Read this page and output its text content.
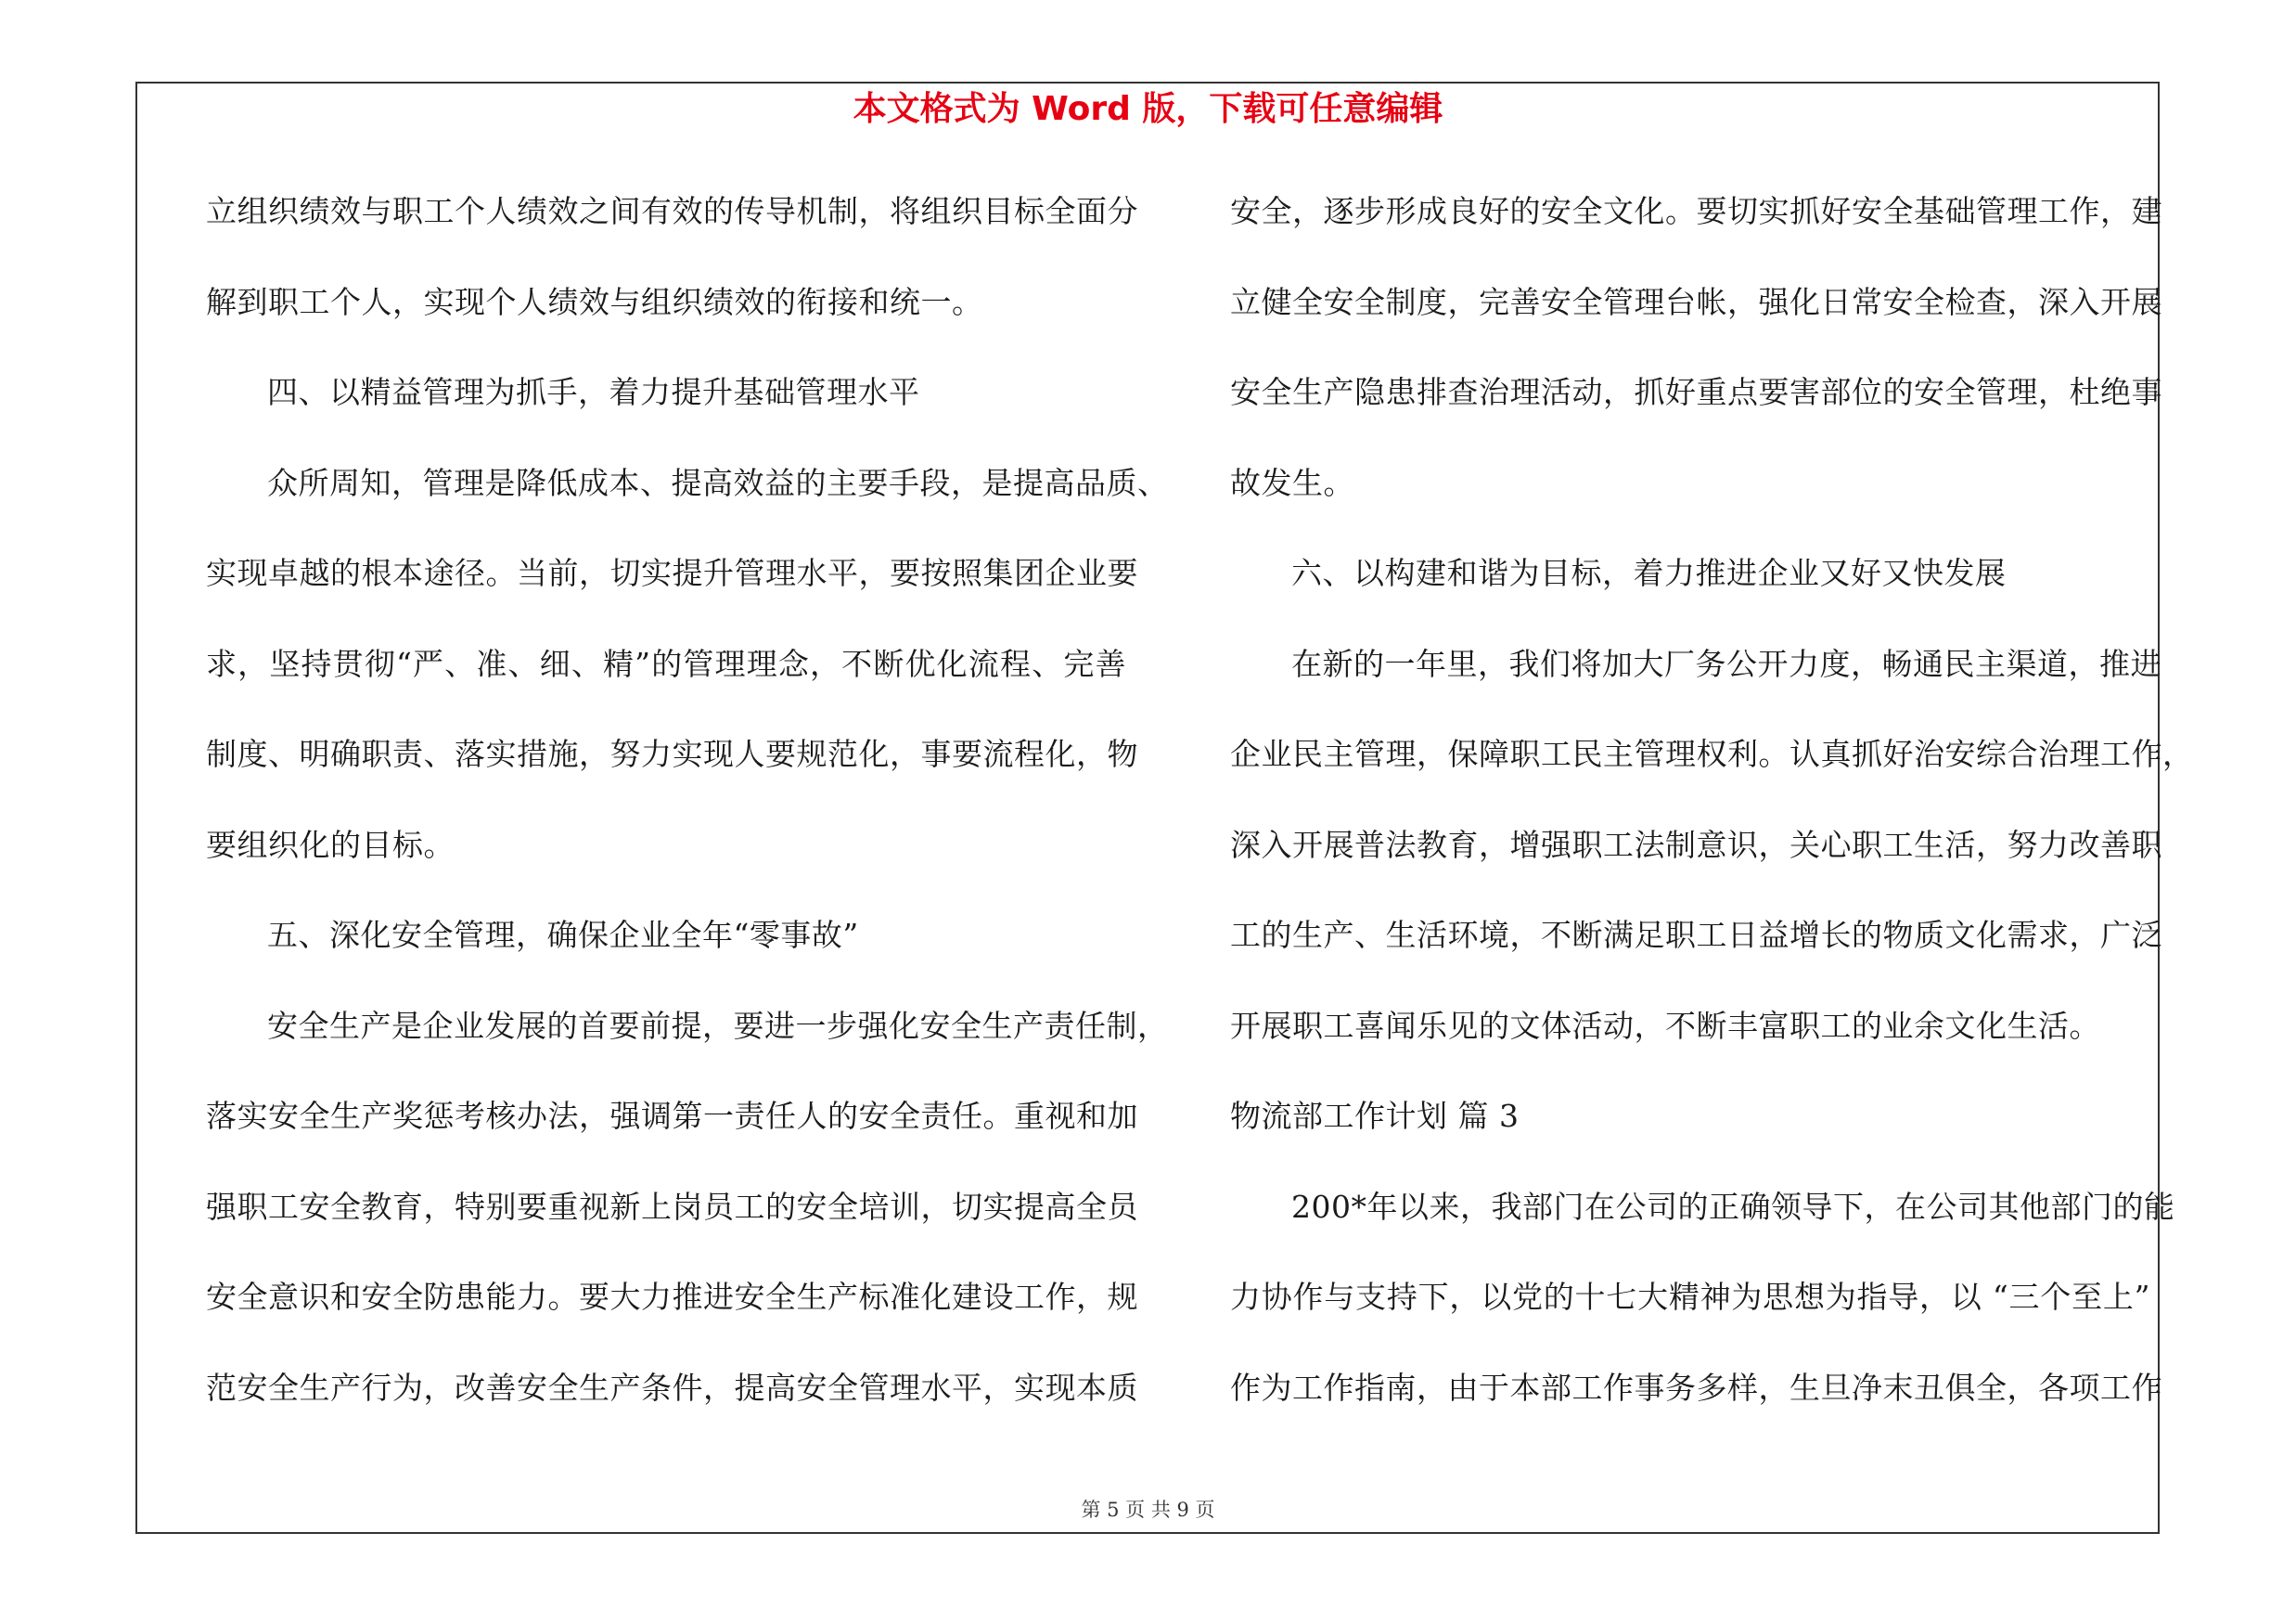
本文格式为 Word 版，下载可任意编辑
立组织绩效与职工个人绩效之间有效的传导机制，将组织目标全面分
解到职工个人，实现个人绩效与组织绩效的衔接和统一。
四、以精益管理为抓手，着力提升基础管理水平
众所周知，管理是降低成本、提高效益的主要手段，是提高品质、
实现卓越的根本途径。当前，切实提升管理水平，要按照集团企业要
求，坚持贯彻“严、准、细、精”的管理理念，不断优化流程、完善
制度、明确职责、落实措施，努力实现人要规范化，事要流程化，物
要组织化的目标。
五、深化安全管理，确保企业全年“零事故”
安全生产是企业发展的首要前提，要进一步强化安全生产责任制，
落实安全生产奖惩考核办法，强调第一责任人的安全责任。重视和加
强职工安全教育，特别要重视新上岗员工的安全培训，切实提高全员
安全意识和安全防患能力。要大力推进安全生产标准化建设工作，规
范安全生产行为，改善安全生产条件，提高安全管理水平，实现本质
安全，逐步形成良好的安全文化。要切实抓好安全基础管理工作，建
立健全安全制度，完善安全管理台帐，强化日常安全检查，深入开展
安全生产隐患排查治理活动，抓好重点要害部位的安全管理，杜绝事
故发生。
六、以构建和谐为目标，着力推进企业又好又快发展
在新的一年里，我们将加大厂务公开力度，畅通民主渠道，推进
企业民主管理，保障职工民主管理权利。认真抓好治安综合治理工作，
深入开展普法教育，增强职工法制意识，关心职工生活，努力改善职
工的生产、生活环境，不断满足职工日益增长的物质文化需求，广泛
开展职工喜闻乐见的文体活动，不断丰富职工的业余文化生活。
物流部工作计划 篇 3
200*年以来，我部门在公司的正确领导下，在公司其他部门的能
力协作与支持下，以党的十七大精神为思想为指导，以 “三个至上”
作为工作指南，由于本部工作事务多样，生旦净末丑俱全，各项工作
第 5 页 共 9 页
